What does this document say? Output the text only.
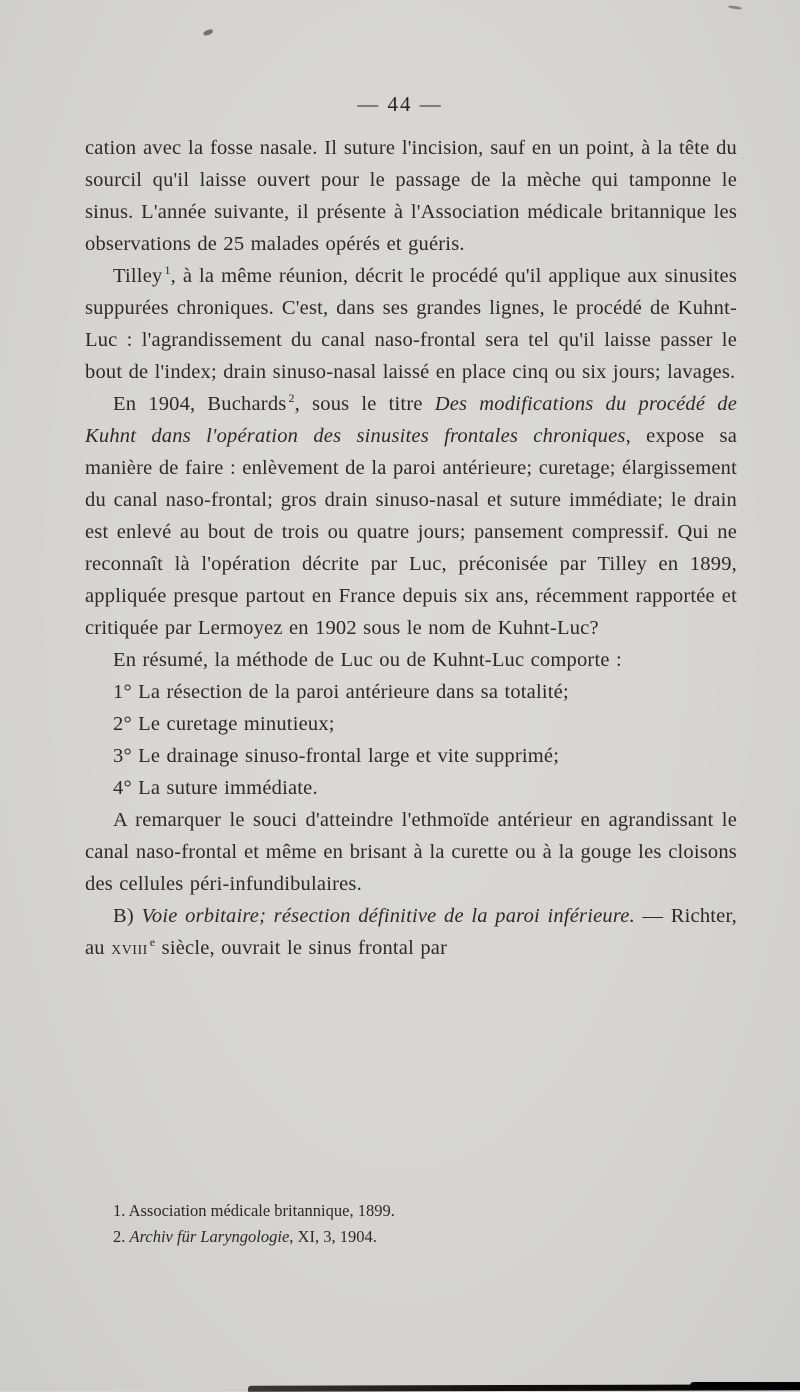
— 44 —

cation avec la fosse nasale. Il suture l'incision, sauf en un point, à la tête du sourcil qu'il laisse ouvert pour le passage de la mèche qui tamponne le sinus. L'année suivante, il présente à l'Association médicale britannique les observations de 25 malades opérés et guéris.

Tilley $^1$, à la même réunion, décrit le procédé qu'il applique aux sinusites suppurées chroniques. C'est, dans ses grandes lignes, le procédé de Kuhnt-Luc : l'agrandissement du canal naso-frontal sera tel qu'il laisse passer le bout de l'index; drain sinuso-nasal laissé en place cinq ou six jours; lavages.

En 1904, Buchards $^2$, sous le titre Des modifications du procédé de Kuhnt dans l'opération des sinusites frontales chroniques, expose sa manière de faire : enlèvement de la paroi antérieure; curetage; élargissement du canal naso-frontal; gros drain sinuso-nasal et suture immédiate; le drain est enlevé au bout de trois ou quatre jours; pansement compressif. Qui ne reconnaît là l'opération décrite par Luc, préconisée par Tilley en 1899, appliquée presque partout en France depuis six ans, récemment rapportée et critiquée par Lermoyez en 1902 sous le nom de Kuhnt-Luc?

En résumé, la méthode de Luc ou de Kuhnt-Luc comporte :

1° La résection de la paroi antérieure dans sa totalité;

2° Le curetage minutieux;

3° Le drainage sinuso-frontal large et vite supprimé;

4° La suture immédiate.

A remarquer le souci d'atteindre l'ethmoïde antérieur en agrandissant le canal naso-frontal et même en brisant à la curette ou à la gouge les cloisons des cellules péri-infundibulaires.

B) Voie orbitaire; résection définitive de la paroi inférieure. — Richter, au xviii $^e$ siècle, ouvrait le sinus frontal par

1. Association médicale britannique, 1899.

2. Archiv für Laryngologie, XI, 3, 1904.
